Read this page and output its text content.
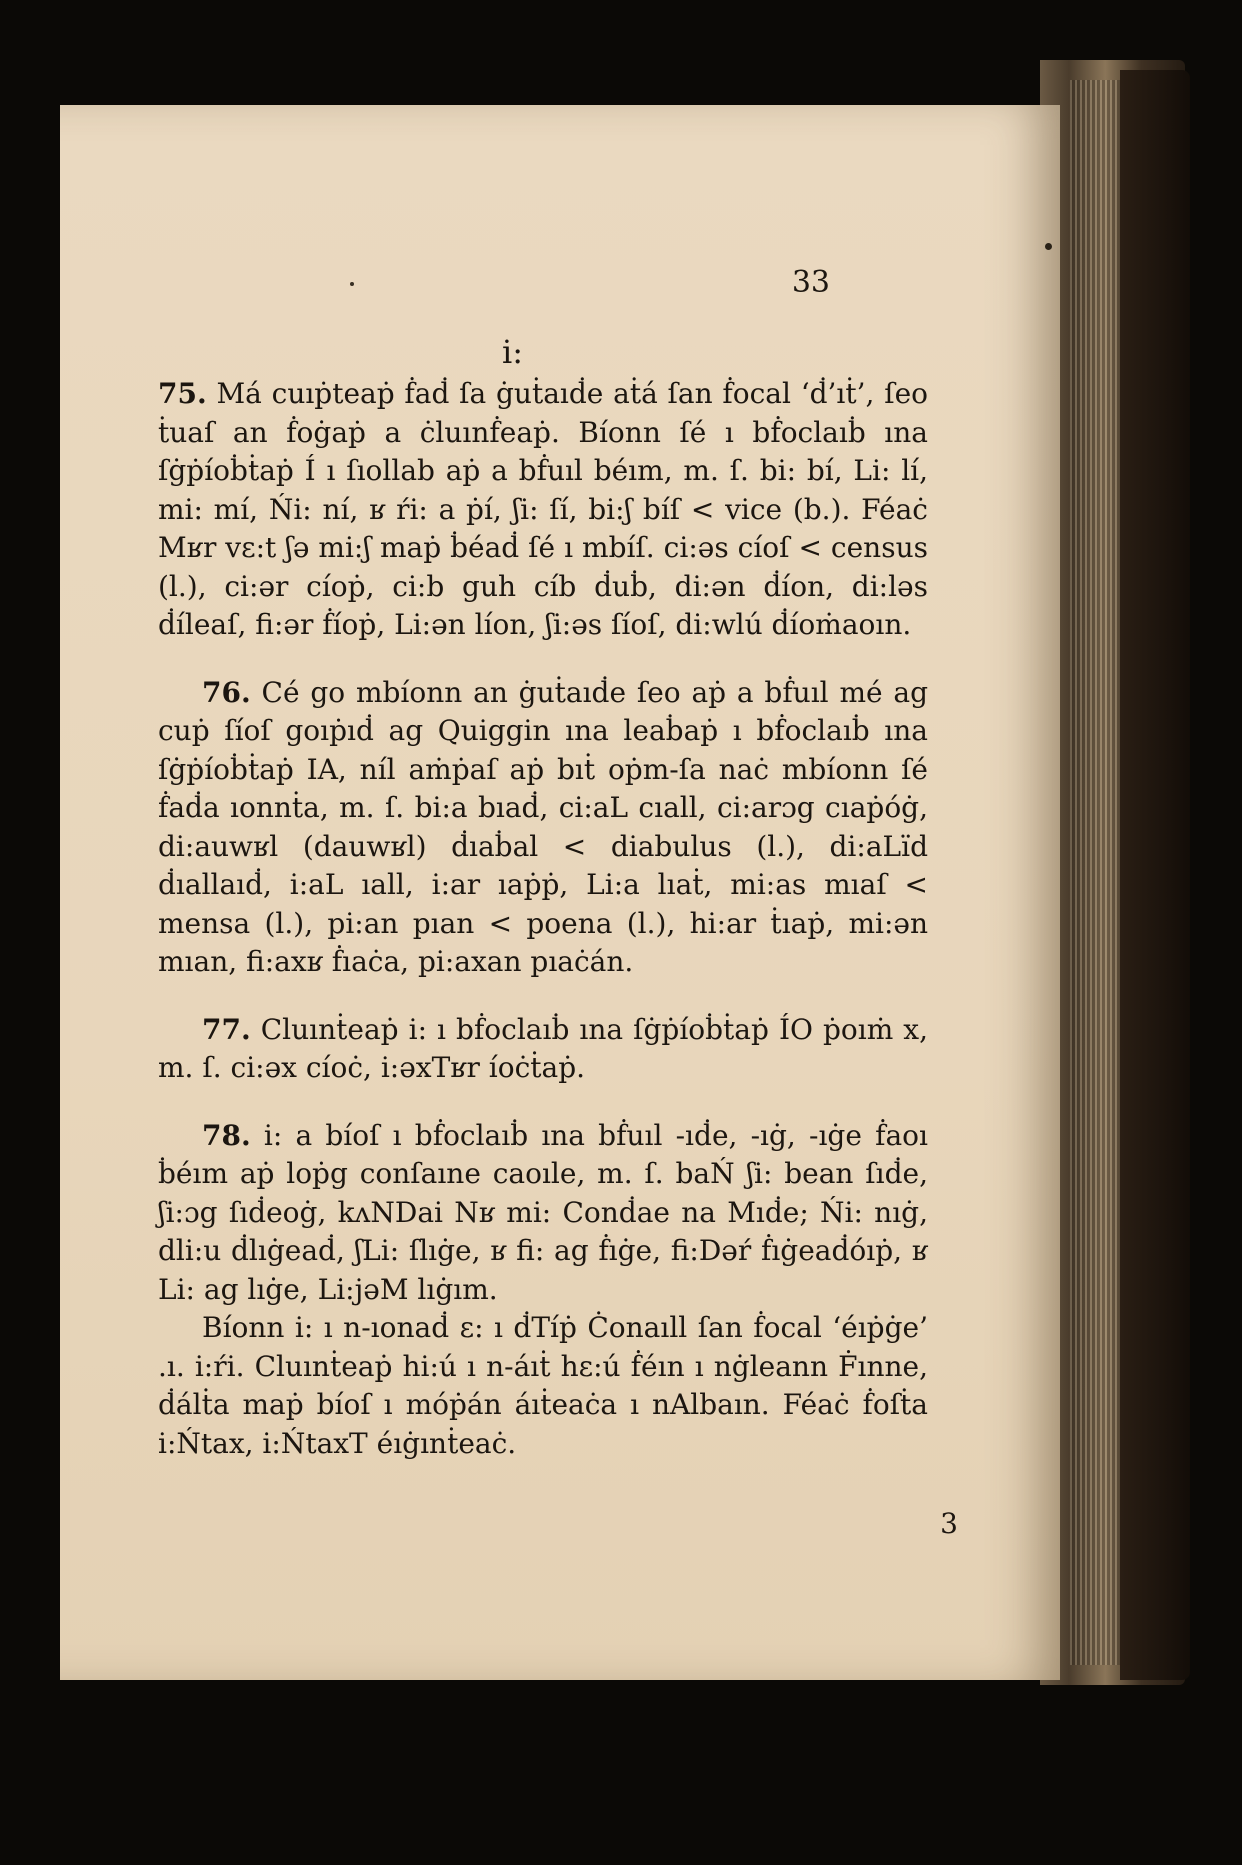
33
i:

75. Má cuıṗteaṗ ḟaḋ ſa ġuṫaıḋe aṫá ſan ḟocal ‘ḋ’ıṫ’, ſeo ṫuaſ an ḟoġaṗ a ċluınḟeaṗ. Bíonn ſé ı bḟoclaıḃ ına ſġṗíoḃṫaṗ Í ı ſıollab aṗ a bḟuıl béım, m. ſ. bi: bí, Li: lí, mi: mí, Ńi: ní, ʁ ŕi: a ṗí, ʃi: ſí, bi:ʃ bíſ < vice (b.). Féaċ Mʁr vɛ:t ʃə mi:ʃ maṗ ḃéaḋ ſé ı mbíſ. ci:əs cíoſ < census (l.), ci:ər cíoṗ, ci:b guh cíb ḋuḃ, di:ən ḋíon, di:ləs ḋíleaſ, fi:ər ḟíoṗ, Li:ən líon, ʃi:əs ſíoſ, di:wlú ḋíoṁaoın.

76. Cé go mbíonn an ġuṫaıḋe ſeo aṗ a bḟuıl mé ag cuṗ ſíoſ goıṗıḋ ag Quiggin ına leaḃaṗ ı bḟoclaıḃ ına ſġṗíoḃṫaṗ IA, níl aṁṗaſ aṗ bıṫ oṗm-ſa naċ mbíonn ſé ḟaḋa ıonnṫa, m. ſ. bi:a bıaḋ, ci:aL cıall, ci:arɔg cıaṗóġ, di:auwʁl (dauwʁl) ḋıaḃal < diabulus (l.), di:aLïd ḋıallaıḋ, i:aL ıall, i:ar ıaṗṗ, Li:a lıaṫ, mi:as mıaſ < mensa (l.), pi:an pıan < poena (l.), hi:ar ṫıaṗ, mi:ən mıan, fi:axʁ ḟıaċa, pi:axan pıaċán.

77. Cluınṫeaṗ i: ı bḟoclaıḃ ına ſġṗíoḃṫaṗ ÍO ṗoıṁ x, m. ſ. ci:əx cíoċ, i:əxTʁr íoċṫaṗ.

78. i: a bíoſ ı bḟoclaıḃ ına bḟuıl -ıḋe, -ıġ, -ıġe ḟaoı ḃéım aṗ loṗg conſaıne caoıle, m. ſ. baŃ ʃi: bean ſıḋe, ʃi:ɔg ſıḋeoġ, kʌNDai Nʁ mi: Conḋae na Mıḋe; Ńi: nıġ, dli:u ḋlıġeaḋ, ʃLi: ſlıġe, ʁ fi: ag ḟıġe, fi:Dəŕ ḟıġeaḋóıṗ, ʁ Li: ag lıġe, Li:jəM lıġım.

Bíonn i: ı n-ıonaḋ ɛ: ı ḋTíṗ Ċonaıll ſan ḟocal ‘éıṗġe’ .ı. i:ŕi. Cluınṫeaṗ hi:ú ı n-áıṫ hɛ:ú ḟéın ı nġleann Ḟınne, ḋálṫa maṗ bíoſ ı móṗán áıṫeaċa ı nAlbaın. Féaċ ḟoſṫa i:Ńtax, i:ŃtaxT éıġınṫeaċ.

3
